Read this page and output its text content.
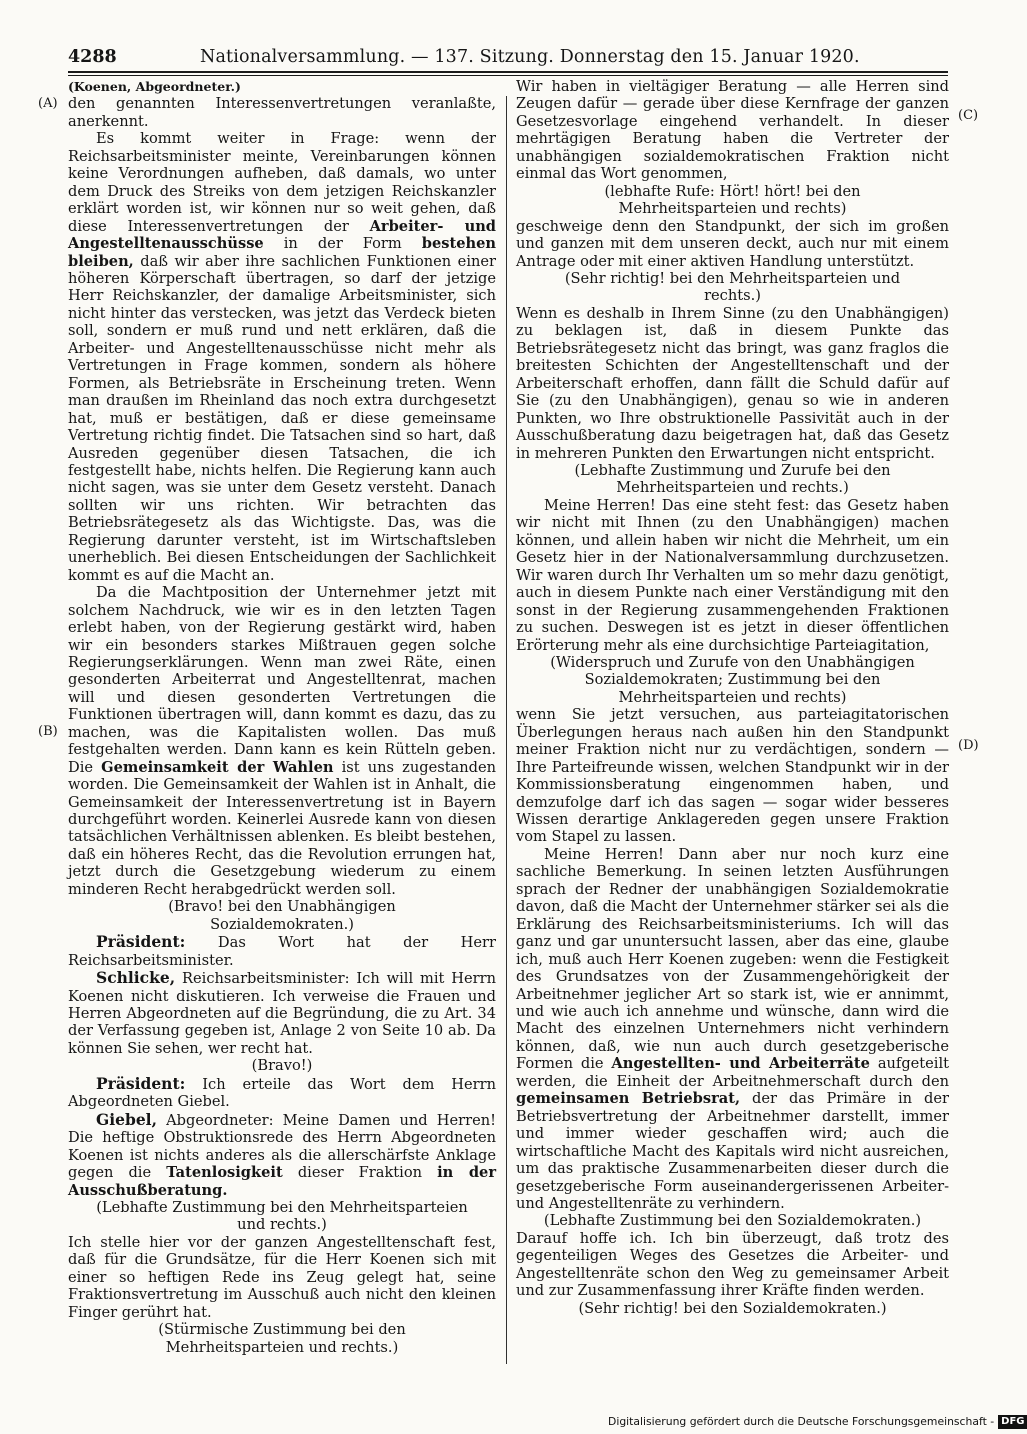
4288	Nationalversammlung. — 137. Sitzung. Donnerstag den 15. Januar 1920.
(A)
(B)
(C)
(D)

(Koenen, Abgeordneter.)

den genannten Interessenvertretungen veranlaßte, anerkennt.

Es kommt weiter in Frage: wenn der Reichsarbeitsminister meinte, Vereinbarungen können keine Verordnungen aufheben, daß damals, wo unter dem Druck des Streiks von dem jetzigen Reichskanzler erklärt worden ist, wir können nur so weit gehen, daß diese Interessenvertretungen der Arbeiter- und Angestelltenausschüsse in der Form bestehen bleiben, daß wir aber ihre sachlichen Funktionen einer höheren Körperschaft übertragen, so darf der jetzige Herr Reichskanzler, der damalige Arbeitsminister, sich nicht hinter das verstecken, was jetzt das Verdeck bieten soll, sondern er muß rund und nett erklären, daß die Arbeiter- und Angestelltenausschüsse nicht mehr als Vertretungen in Frage kommen, sondern als höhere Formen, als Betriebsräte in Erscheinung treten. Wenn man draußen im Rheinland das noch extra durchgesetzt hat, muß er bestätigen, daß er diese gemeinsame Vertretung richtig findet. Die Tatsachen sind so hart, daß Ausreden gegenüber diesen Tatsachen, die ich festgestellt habe, nichts helfen. Die Regierung kann auch nicht sagen, was sie unter dem Gesetz versteht. Danach sollten wir uns richten. Wir betrachten das Betriebsrätegesetz als das Wichtigste. Das, was die Regierung darunter versteht, ist im Wirtschaftsleben unerheblich. Bei diesen Entscheidungen der Sachlichkeit kommt es auf die Macht an.

Da die Machtposition der Unternehmer jetzt mit solchem Nachdruck, wie wir es in den letzten Tagen erlebt haben, von der Regierung gestärkt wird, haben wir ein besonders starkes Mißtrauen gegen solche Regierungserklärungen. Wenn man zwei Räte, einen gesonderten Arbeiterrat und Angestelltenrat, machen will und diesen gesonderten Vertretungen die Funktionen übertragen will, dann kommt es dazu, das zu machen, was die Kapitalisten wollen. Das muß festgehalten werden. Dann kann es kein Rütteln geben. Die Gemeinsamkeit der Wahlen ist uns zugestanden worden. Die Gemeinsamkeit der Wahlen ist in Anhalt, die Gemeinsamkeit der Interessenvertretung ist in Bayern durchgeführt worden. Keinerlei Ausrede kann von diesen tatsächlichen Verhältnissen ablenken. Es bleibt bestehen, daß ein höheres Recht, das die Revolution errungen hat, jetzt durch die Gesetzgebung wiederum zu einem minderen Recht herabgedrückt werden soll.

(Bravo! bei den Unabhängigen Sozialdemokraten.)

Präsident: Das Wort hat der Herr Reichsarbeitsminister.

Schlicke, Reichsarbeitsminister: Ich will mit Herrn Koenen nicht diskutieren. Ich verweise die Frauen und Herren Abgeordneten auf die Begründung, die zu Art. 34 der Verfassung gegeben ist, Anlage 2 von Seite 10 ab. Da können Sie sehen, wer recht hat.

(Bravo!)

Präsident: Ich erteile das Wort dem Herrn Abgeordneten Giebel.

Giebel, Abgeordneter: Meine Damen und Herren! Die heftige Obstruktionsrede des Herrn Abgeordneten Koenen ist nichts anderes als die allerschärfste Anklage gegen die Tatenlosigkeit dieser Fraktion in der Ausschußberatung.

(Lebhafte Zustimmung bei den Mehrheitsparteien und rechts.)

Ich stelle hier vor der ganzen Angestelltenschaft fest, daß für die Grundsätze, für die Herr Koenen sich mit einer so heftigen Rede ins Zeug gelegt hat, seine Fraktionsvertretung im Ausschuß auch nicht den kleinen Finger gerührt hat.

(Stürmische Zustimmung bei den Mehrheitsparteien und rechts.)

Wir haben in vieltägiger Beratung — alle Herren sind Zeugen dafür — gerade über diese Kernfrage der ganzen Gesetzesvorlage eingehend verhandelt. In dieser mehrtägigen Beratung haben die Vertreter der unabhängigen sozialdemokratischen Fraktion nicht einmal das Wort genommen,

(lebhafte Rufe: Hört! hört! bei den Mehrheitsparteien und rechts)

geschweige denn den Standpunkt, der sich im großen und ganzen mit dem unseren deckt, auch nur mit einem Antrage oder mit einer aktiven Handlung unterstützt.

(Sehr richtig! bei den Mehrheitsparteien und rechts.)

Wenn es deshalb in Ihrem Sinne (zu den Unabhängigen) zu beklagen ist, daß in diesem Punkte das Betriebsrätegesetz nicht das bringt, was ganz fraglos die breitesten Schichten der Angestelltenschaft und der Arbeiterschaft erhoffen, dann fällt die Schuld dafür auf Sie (zu den Unabhängigen), genau so wie in anderen Punkten, wo Ihre obstruktionelle Passivität auch in der Ausschußberatung dazu beigetragen hat, daß das Gesetz in mehreren Punkten den Erwartungen nicht entspricht.

(Lebhafte Zustimmung und Zurufe bei den Mehrheitsparteien und rechts.)

Meine Herren! Das eine steht fest: das Gesetz haben wir nicht mit Ihnen (zu den Unabhängigen) machen können, und allein haben wir nicht die Mehrheit, um ein Gesetz hier in der Nationalversammlung durchzusetzen. Wir waren durch Ihr Verhalten um so mehr dazu genötigt, auch in diesem Punkte nach einer Verständigung mit den sonst in der Regierung zusammengehenden Fraktionen zu suchen. Deswegen ist es jetzt in dieser öffentlichen Erörterung mehr als eine durchsichtige Parteiagitation,

(Widerspruch und Zurufe von den Unabhängigen Sozialdemokraten; Zustimmung bei den Mehrheitsparteien und rechts)

wenn Sie jetzt versuchen, aus parteiagitatorischen Überlegungen heraus nach außen hin den Standpunkt meiner Fraktion nicht nur zu verdächtigen, sondern — Ihre Parteifreunde wissen, welchen Standpunkt wir in der Kommissionsberatung eingenommen haben, und demzufolge darf ich das sagen — sogar wider besseres Wissen derartige Anklagereden gegen unsere Fraktion vom Stapel zu lassen.

Meine Herren! Dann aber nur noch kurz eine sachliche Bemerkung. In seinen letzten Ausführungen sprach der Redner der unabhängigen Sozialdemokratie davon, daß die Macht der Unternehmer stärker sei als die Erklärung des Reichsarbeitsministeriums. Ich will das ganz und gar ununtersucht lassen, aber das eine, glaube ich, muß auch Herr Koenen zugeben: wenn die Festigkeit des Grundsatzes von der Zusammengehörigkeit der Arbeitnehmer jeglicher Art so stark ist, wie er annimmt, und wie auch ich annehme und wünsche, dann wird die Macht des einzelnen Unternehmers nicht verhindern können, daß, wie nun auch durch gesetzgeberische Formen die Angestellten- und Arbeiterräte aufgeteilt werden, die Einheit der Arbeitnehmerschaft durch den gemeinsamen Betriebsrat, der das Primäre in der Betriebsvertretung der Arbeitnehmer darstellt, immer und immer wieder geschaffen wird; auch die wirtschaftliche Macht des Kapitals wird nicht ausreichen, um das praktische Zusammenarbeiten dieser durch die gesetzgeberische Form auseinandergerissenen Arbeiter- und Angestelltenräte zu verhindern.

(Lebhafte Zustimmung bei den Sozialdemokraten.)

Darauf hoffe ich. Ich bin überzeugt, daß trotz des gegenteiligen Weges des Gesetzes die Arbeiter- und Angestelltenräte schon den Weg zu gemeinsamer Arbeit und zur Zusammenfassung ihrer Kräfte finden werden.

(Sehr richtig! bei den Sozialdemokraten.)

Digitalisierung gefördert durch die Deutsche Forschungsgemeinschaft - DFG
